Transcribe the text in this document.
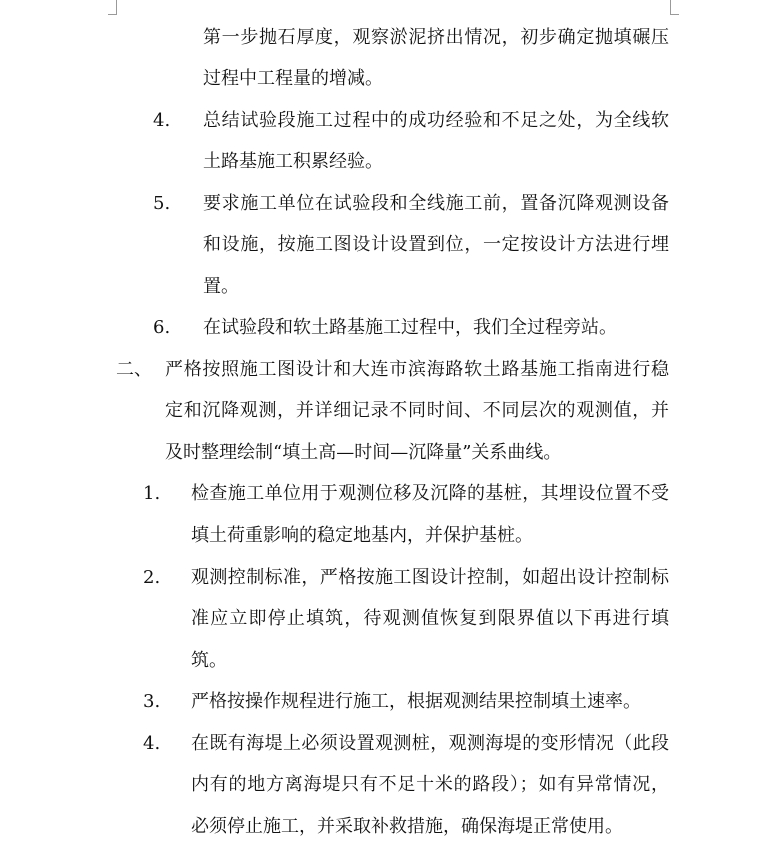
第一步抛石厚度，观察淤泥挤出情况，初步确定抛填碾压
过程中工程量的增减。
4. 总结试验段施工过程中的成功经验和不足之处，为全线软
土路基施工积累经验。
5. 要求施工单位在试验段和全线施工前，置备沉降观测设备
和设施，按施工图设计设置到位，一定按设计方法进行埋
置。
6. 在试验段和软土路基施工过程中，我们全过程旁站。
二、 严格按照施工图设计和大连市滨海路软土路基施工指南进行稳
定和沉降观测，并详细记录不同时间、不同层次的观测值，并
及时整理绘制“填土高—时间—沉降量”关系曲线。
1. 检查施工单位用于观测位移及沉降的基桩，其埋设位置不受
填土荷重影响的稳定地基内，并保护基桩。
2. 观测控制标准，严格按施工图设计控制，如超出设计控制标
准应立即停止填筑，待观测值恢复到限界值以下再进行填
筑。
3. 严格按操作规程进行施工，根据观测结果控制填土速率。
4. 在既有海堤上必须设置观测桩，观测海堤的变形情况（此段
内有的地方离海堤只有不足十米的路段）；如有异常情况，
必须停止施工，并采取补救措施，确保海堤正常使用。
